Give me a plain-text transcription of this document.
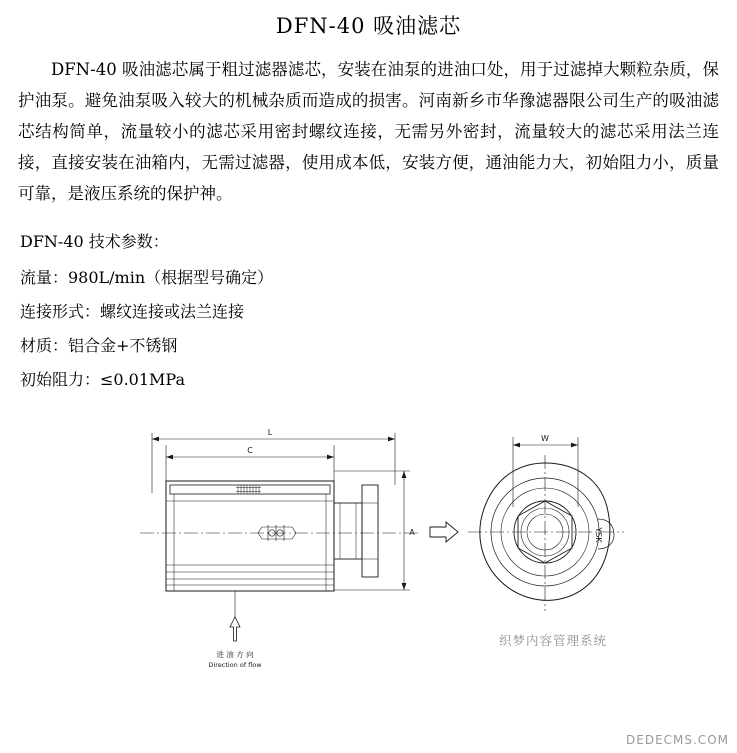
DFN-40 吸油滤芯
DFN-40 吸油滤芯属于粗过滤器滤芯，安装在油泵的进油口处，用于过滤掉大颗粒杂质，保护油泵。避免油泵吸入较大的机械杂质而造成的损害。河南新乡市华豫滤器限公司生产的吸油滤芯结构简单，流量较小的滤芯采用密封螺纹连接，无需另外密封，流量较大的滤芯采用法兰连接，直接安装在油箱内，无需过滤器，使用成本低，安装方便，通油能力大，初始阻力小，质量可靠，是液压系统的保护神。
DFN-40 技术参数：
流量：980L/min（根据型号确定）
连接形式：螺纹连接或法兰连接
材质：铝合金+不锈钢
初始阻力：≤0.01MPa
L
C
A
W
YSK
进 油 方 向
Direction of flow
织梦内容管理系统
DEDECMS.COM
